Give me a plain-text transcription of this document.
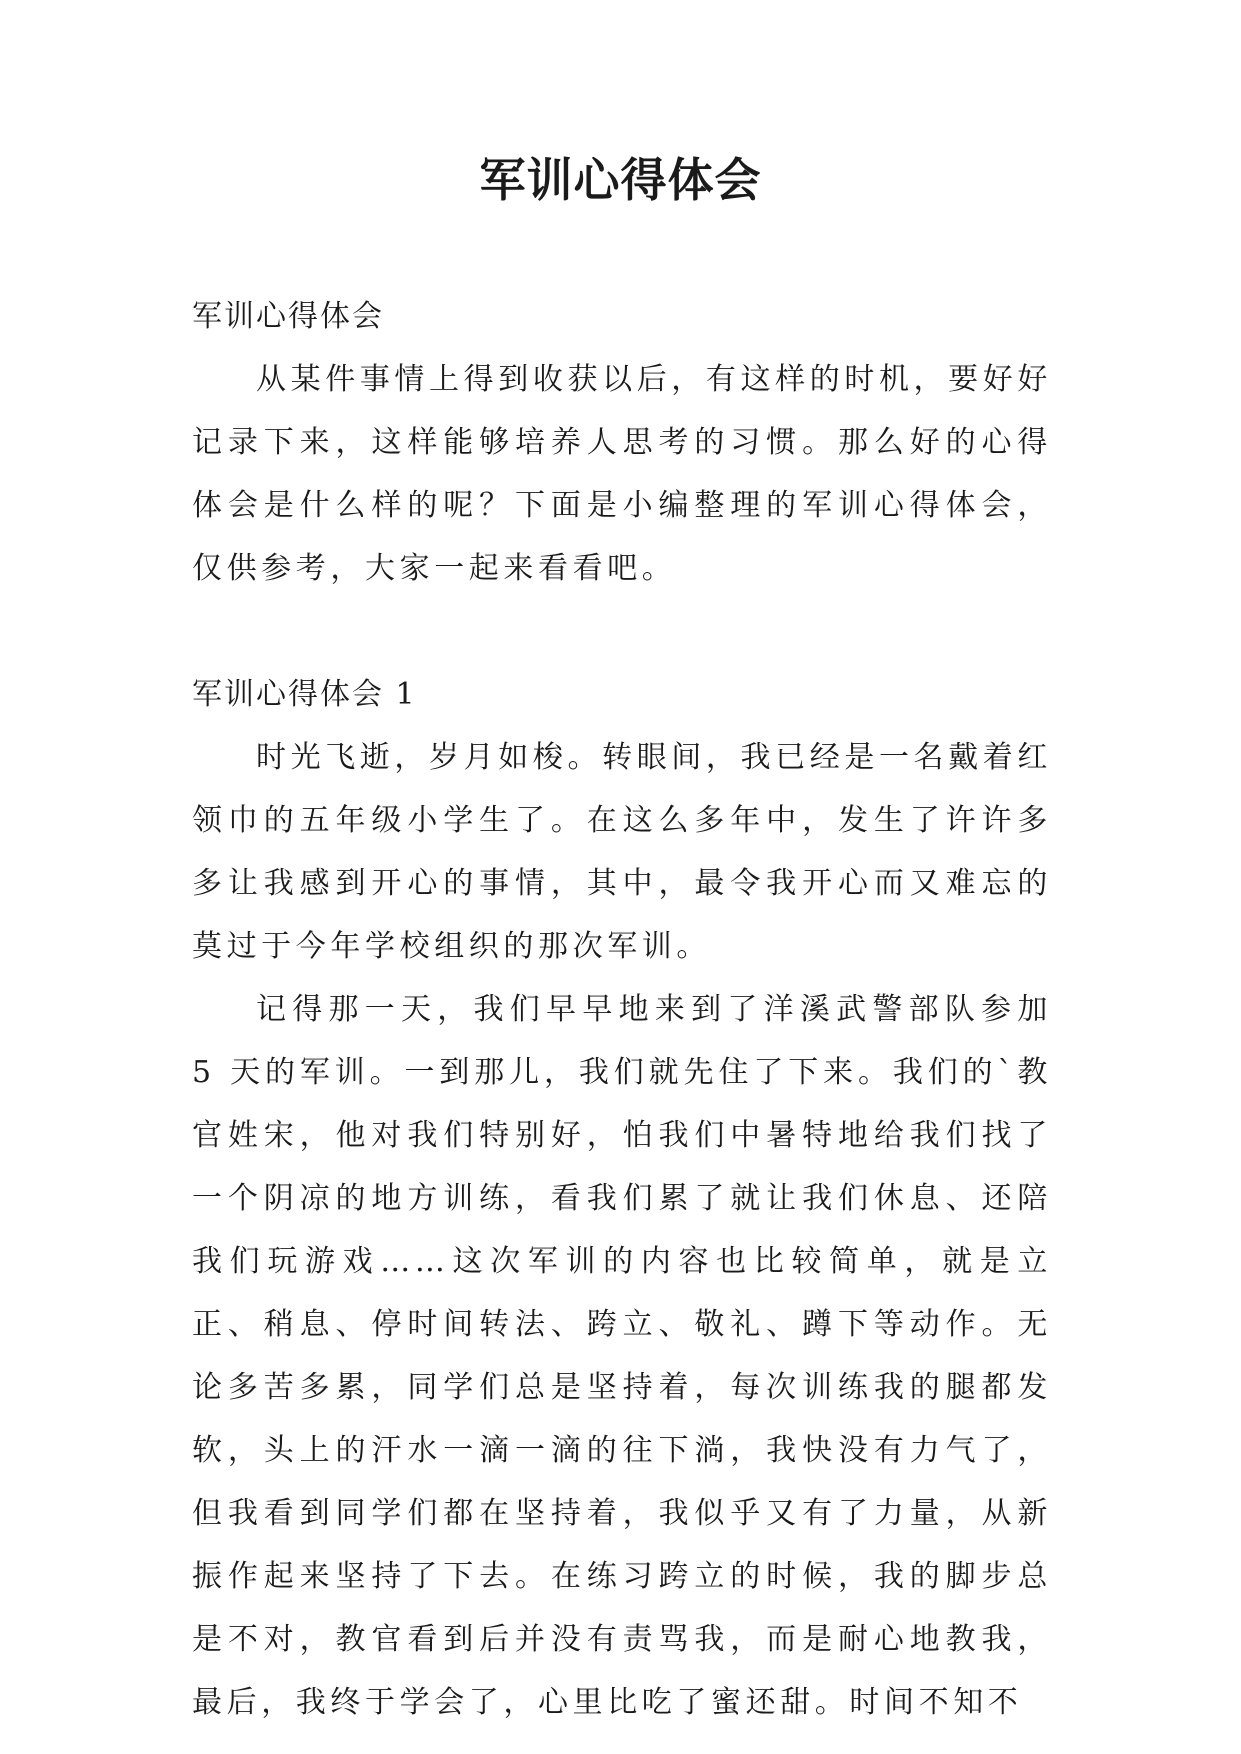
军训心得体会

军训心得体会

从某件事情上得到收获以后，有这样的时机，要好好记录下来，这样能够培养人思考的习惯。那么好的心得体会是什么样的呢？下面是小编整理的军训心得体会，仅供参考，大家一起来看看吧。

军训心得体会 1

时光飞逝，岁月如梭。转眼间，我已经是一名戴着红领巾的五年级小学生了。在这么多年中，发生了许许多多让我感到开心的事情，其中，最令我开心而又难忘的莫过于今年学校组织的那次军训。

记得那一天，我们早早地来到了洋溪武警部队参加 5 天的军训。一到那儿，我们就先住了下来。我们的`教官姓宋，他对我们特别好，怕我们中暑特地给我们找了一个阴凉的地方训练，看我们累了就让我们休息、还陪我们玩游戏……这次军训的内容也比较简单，就是立正、稍息、停时间转法、跨立、敬礼、蹲下等动作。无论多苦多累，同学们总是坚持着，每次训练我的腿都发软，头上的汗水一滴一滴的往下淌，我快没有力气了，但我看到同学们都在坚持着，我似乎又有了力量，从新振作起来坚持了下去。在练习跨立的时候，我的脚步总是不对，教官看到后并没有责骂我，而是耐心地教我，最后，我终于学会了，心里比吃了蜜还甜。时间不知不
